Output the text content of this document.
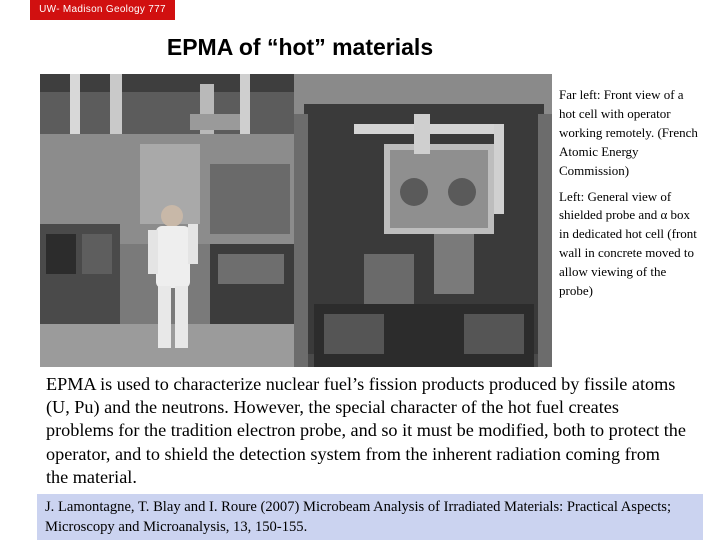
UW- Madison Geology 777
EPMA of “hot” materials

Far left: Front view of a hot cell with operator working remotely. (French Atomic Energy Commission)

Left: General view of shielded probe and α box in dedicated hot cell (front wall in concrete moved to allow viewing of the probe)

EPMA is used to characterize nuclear fuel’s fission products produced by fissile atoms (U, Pu) and the neutrons. However, the special character of the hot fuel creates problems for the tradition electron probe, and so it must be modified, both to protect the operator, and to shield the detection system from the inherent radiation coming from the material.
J. Lamontagne, T. Blay and I. Roure (2007) Microbeam Analysis of Irradiated Materials: Practical Aspects; Microscopy and Microanalysis, 13, 150-155.
